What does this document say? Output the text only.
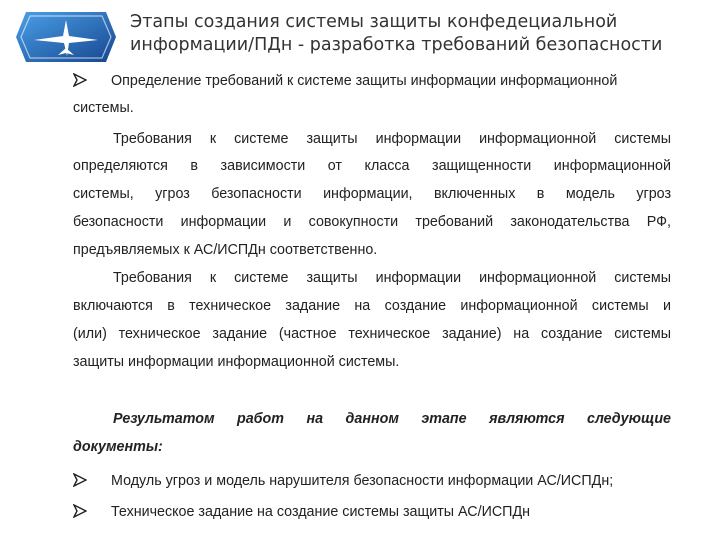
Этапы создания системы защиты конфедециальной
информации/ПДн - разработка требований безопасности
Определение требований к системе защиты информации информационной
системы.
Требования к системе защиты информации информационной системы
определяются в зависимости от класса защищенности информационной
системы, угроз безопасности информации, включенных в модель угроз
безопасности информации и совокупности требований законодательства РФ,
предъявляемых к АС/ИСПДн соответственно.
Требования к системе защиты информации информационной системы
включаются в техническое задание на создание информационной системы и
(или) техническое задание (частное техническое задание) на создание системы
защиты информации информационной системы.
Результатом работ на данном этапе являются следующие
документы:
Модуль угроз и модель нарушителя безопасности информации АС/ИСПДн;
Техническое задание на создание системы защиты АС/ИСПДн
